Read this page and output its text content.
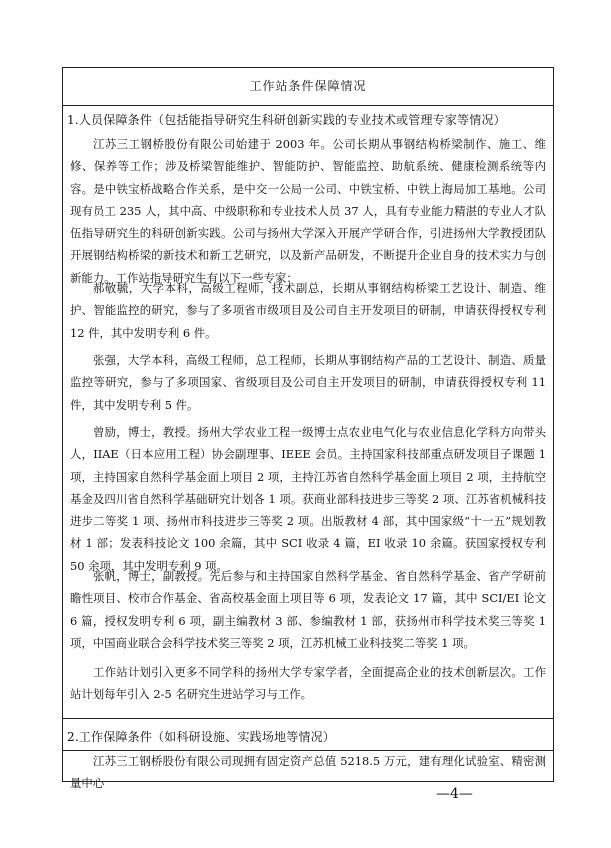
工作站条件保障情况
1.人员保障条件（包括能指导研究生科研创新实践的专业技术或管理专家等情况）
江苏三工钢桥股份有限公司始建于 2003 年。公司长期从事钢结构桥梁制作、施工、维修、保养等工作；涉及桥梁智能维护、智能防护、智能监控、助航系统、健康检测系统等内容。是中铁宝桥战略合作关系，是中交一公局一公司、中铁宝桥、中铁上海局加工基地。公司现有员工 235 人，其中高、中级职称和专业技术人员 37 人，具有专业能力精湛的专业人才队伍指导研究生的科研创新实践。公司与扬州大学深入开展产学研合作，引进扬州大学教授团队开展钢结构桥梁的新技术和新工艺研究，以及新产品研发，不断提升企业自身的技术实力与创新能力。工作站指导研究生有以下一些专家：
郝敬毓，大学本科，高级工程师，技术副总，长期从事钢结构桥梁工艺设计、制造、维护、智能监控的研究，参与了多项省市级项目及公司自主开发项目的研制，申请获得授权专利 12 件，其中发明专利 6 件。
张强，大学本科，高级工程师，总工程师，长期从事钢结构产品的工艺设计、制造、质量监控等研究，参与了多项国家、省级项目及公司自主开发项目的研制，申请获得授权专利 11 件，其中发明专利 5 件。
曾励，博士，教授。扬州大学农业工程一级博士点农业电气化与农业信息化学科方向带头人，IIAE（日本应用工程）协会副理事、IEEE 会员。主持国家科技部重点研发项目子课题 1 项，主持国家自然科学基金面上项目 2 项，主持江苏省自然科学基金面上项目 2 项，主持航空基金及四川省自然科学基础研究计划各 1 项。获商业部科技进步三等奖 2 项、江苏省机械科技进步二等奖 1 项、扬州市科技进步三等奖 2 项。出版教材 4 部，其中国家级“十一五”规划教材 1 部；发表科技论文 100 余篇，其中 SCI 收录 4 篇，EI 收录 10 余篇。获国家授权专利 50 余项，其中发明专利 9 项。
张帆，博士，副教授。先后参与和主持国家自然科学基金、省自然科学基金、省产学研前瞻性项目、校市合作基金、省高校基金面上项目等 6 项，发表论文 17 篇，其中 SCI/EI 论文 6 篇，授权发明专利 6 项，副主编教材 3 部、参编教材 1 部，获扬州市科学技术奖三等奖 1 项，中国商业联合会科学技术奖三等奖 2 项，江苏机械工业科技奖二等奖 1 项。
工作站计划引入更多不同学科的扬州大学专家学者，全面提高企业的技术创新层次。工作站计划每年引入 2-5 名研究生进站学习与工作。
2.工作保障条件（如科研设施、实践场地等情况）
江苏三工钢桥股份有限公司现拥有固定资产总值 5218.5 万元，建有理化试验室、精密测量中心
—4—
